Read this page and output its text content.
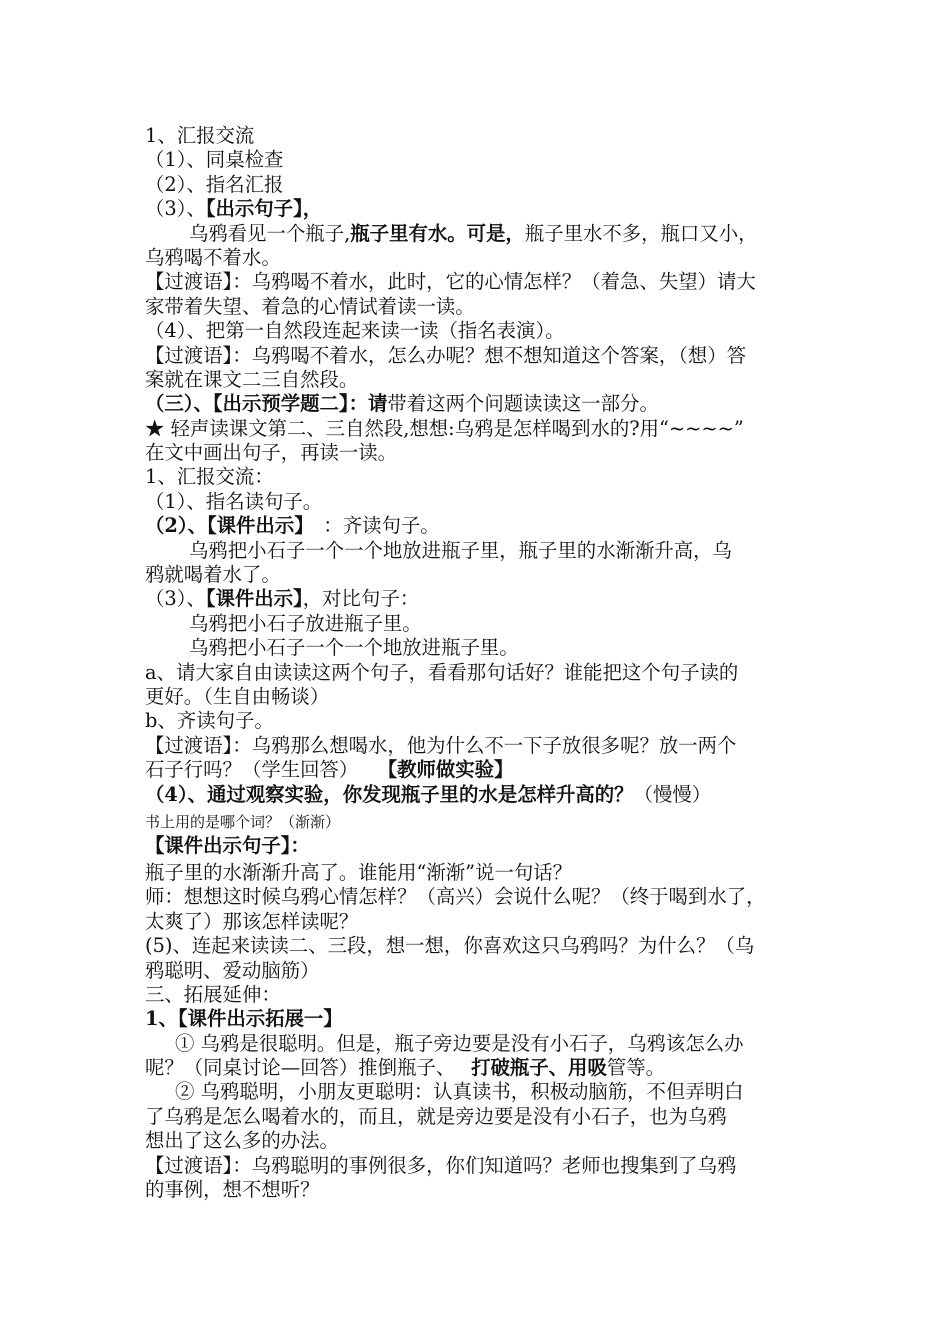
1、汇报交流
（1）、同桌检查
（2）、指名汇报
（3）、【出示句子】，
乌鸦看见一个瓶子,瓶子里有水。可是，瓶子里水不多，瓶口又小，
乌鸦喝不着水。
【过渡语】：乌鸦喝不着水，此时，它的心情怎样？（着急、失望）请大
家带着失望、着急的心情试着读一读。
（4）、把第一自然段连起来读一读（指名表演）。
【过渡语】：乌鸦喝不着水，怎么办呢？想不想知道这个答案，（想）答
案就在课文二三自然段。
（三）、【出示预学题二】：请带着这两个问题读读这一部分。
★ 轻声读课文第二、三自然段,想想:乌鸦是怎样喝到水的?用“~~~~”
在文中画出句子，再读一读。
1、汇报交流：
（1）、指名读句子。
（2）、【课件出示】　：齐读句子。
乌鸦把小石子一个一个地放进瓶子里，瓶子里的水渐渐升高，乌
鸦就喝着水了。
（3）、【课件出示】，对比句子：
乌鸦把小石子放进瓶子里。
乌鸦把小石子一个一个地放进瓶子里。
a、请大家自由读读这两个句子，看看那句话好？谁能把这个句子读的
更好。（生自由畅谈）
b、齐读句子。
【过渡语】：乌鸦那么想喝水，他为什么不一下子放很多呢？放一两个
石子行吗？（学生回答）　　【教师做实验】
（4）、通过观察实验，你发现瓶子里的水是怎样升高的？（慢慢）
书上用的是哪个词？（渐渐）
【课件出示句子】：
瓶子里的水渐渐升高了。谁能用“渐渐”说一句话？
师：想想这时候乌鸦心情怎样？（高兴）会说什么呢？（终于喝到水了，
太爽了）那该怎样读呢？
(5)、连起来读读二、三段，想一想，你喜欢这只乌鸦吗？为什么？（乌
鸦聪明、爱动脑筋）
三、拓展延伸：
1、【课件出示拓展一】
① 乌鸦是很聪明。但是，瓶子旁边要是没有小石子，乌鸦该怎么办
呢？（同桌讨论—回答）推倒瓶子、　 打破瓶子、用吸管等。
② 乌鸦聪明，小朋友更聪明：认真读书，积极动脑筋，不但弄明白
了乌鸦是怎么喝着水的，而且，就是旁边要是没有小石子，也为乌鸦
想出了这么多的办法。
【过渡语】：乌鸦聪明的事例很多，你们知道吗？老师也搜集到了乌鸦
的事例，想不想听？
